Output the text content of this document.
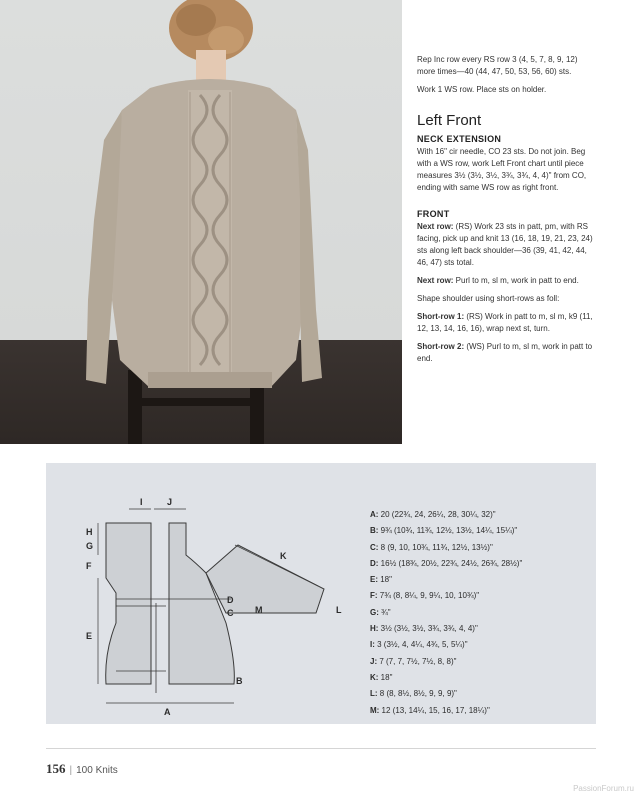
Rep Inc row every RS row 3 (4, 5, 7, 8, 9, 12) more times—40 (44, 47, 50, 53, 56, 60) sts.

Work 1 WS row. Place sts on holder.

Left Front
NECK EXTENSION

With 16" cir needle, CO 23 sts. Do not join. Beg with a WS row, work Left Front chart until piece measures 3½ (3½, 3½, 3¾, 3¾, 4, 4)" from CO, ending with same WS row as right front.

FRONT

Next row: (RS) Work 23 sts in patt, pm, with RS facing, pick up and knit 13 (16, 18, 19, 21, 23, 24) sts along left back shoulder—36 (39, 41, 42, 44, 46, 47) sts total.

Next row: Purl to m, sl m, work in patt to end.

Shape shoulder using short-rows as foll:

Short-row 1: (RS) Work in patt to m, sl m, k9 (11, 12, 13, 14, 16, 16), wrap next st, turn.

Short-row 2: (WS) Purl to m, sl m, work in patt to end.

A
B
C
D
E
F
G
H
I	J
K
L
M
A: 20 (22¾, 24, 26¼, 28, 30¼, 32)"
B: 9¾ (10¾, 11¾, 12½, 13½, 14¼, 15¼)"
C: 8 (9, 10, 10¾, 11¾, 12½, 13½)"
D: 16½ (18¾, 20½, 22¾, 24½, 26¾, 28½)"
E: 18"
F: 7¾ (8, 8¼, 9, 9¼, 10, 10¾)"
G: ¾"
H: 3½ (3½, 3½, 3¾, 3¾, 4, 4)"
I: 3 (3½, 4, 4¼, 4¾, 5, 5¼)"
J: 7 (7, 7, 7½, 7½, 8, 8)"
K: 18"
L: 8 (8, 8½, 8½, 9, 9, 9)"
M: 12 (13, 14¼, 15, 16, 17, 18¼)"
156 | 100 Knits
PassionForum.ru
